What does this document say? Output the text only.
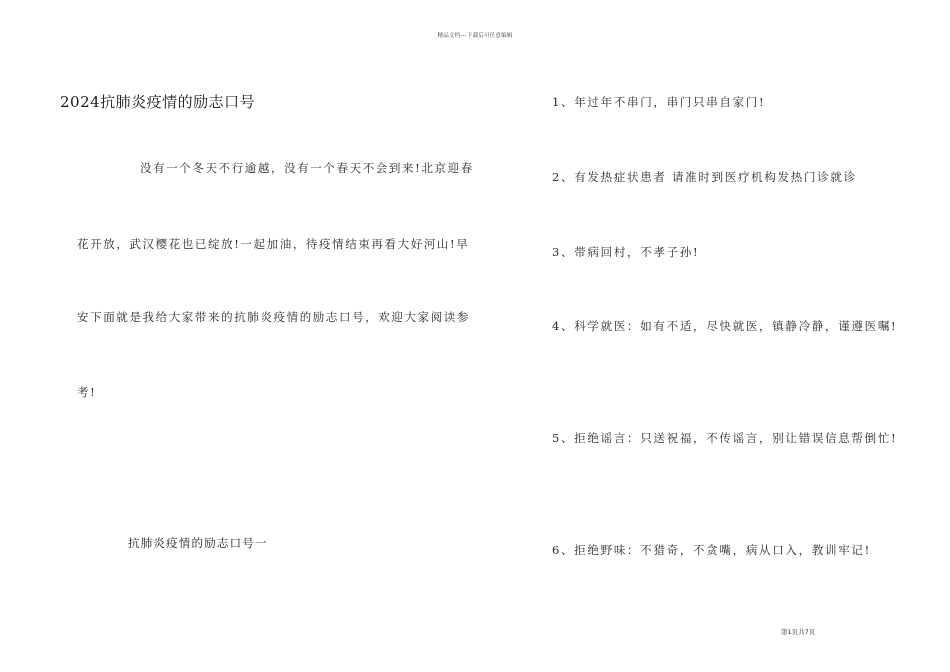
精品文档---下载后可任意编辑
2024抗肺炎疫情的励志口号
没有一个冬天不行逾越，没有一个春天不会到来!北京迎春
花开放，武汉樱花也已绽放!一起加油，待疫情结束再看大好河山!早
安下面就是我给大家带来的抗肺炎疫情的励志口号，欢迎大家阅读参
考!
抗肺炎疫情的励志口号一
1、年过年不串门，串门只串自家门!
2、有发热症状患者 请准时到医疗机构发热门诊就诊
3、带病回村，不孝子孙!
4、科学就医：如有不适，尽快就医，镇静冷静，谨遵医嘱!
5、拒绝谣言：只送祝福，不传谣言，别让错误信息帮倒忙!
6、拒绝野味：不猎奇，不贪嘴，病从口入，教训牢记!
第1页共7页
